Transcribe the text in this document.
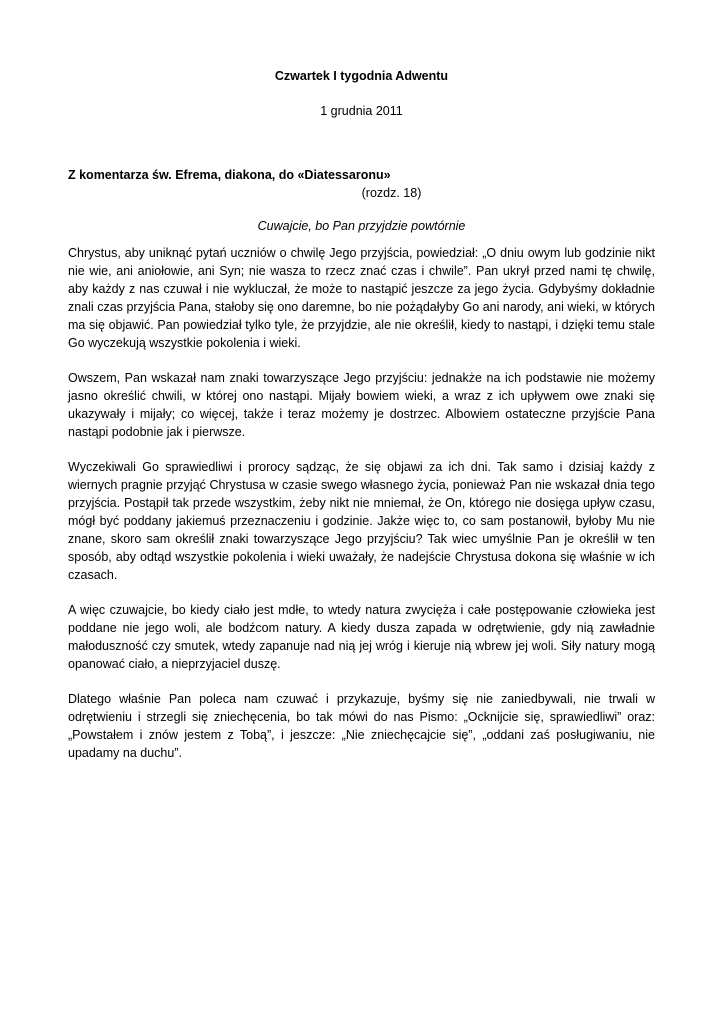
Czwartek I tygodnia Adwentu

1 grudnia 2011

Z komentarza św. Efrema, diakona, do «Diatessaronu»

(rozdz. 18)

Cuwajcie, bo Pan przyjdzie powtórnie

Chrystus, aby uniknąć pytań uczniów o chwilę Jego przyjścia, powiedział: „O dniu owym lub godzinie nikt nie wie, ani aniołowie, ani Syn; nie wasza to rzecz znać czas i chwile”. Pan ukrył przed nami tę chwilę, aby każdy z nas czuwał i nie wykluczał, że może to nastąpić jeszcze za jego życia. Gdybyśmy dokładnie znali czas przyjścia Pana, stałoby się ono daremne, bo nie pożądałyby Go ani narody, ani wieki, w których ma się objawić. Pan powiedział tylko tyle, że przyjdzie, ale nie określił, kiedy to nastąpi, i dzięki temu stale Go wyczekują wszystkie pokolenia i wieki.

Owszem, Pan wskazał nam znaki towarzyszące Jego przyjściu: jednakże na ich podstawie nie możemy jasno określić chwili, w której ono nastąpi. Mijały bowiem wieki, a wraz z ich upływem owe znaki się ukazywały i mijały; co więcej, także i teraz możemy je dostrzec. Albowiem ostateczne przyjście Pana nastąpi podobnie jak i pierwsze.

Wyczekiwali Go sprawiedliwi i prorocy sądząc, że się objawi za ich dni. Tak samo i dzisiaj każdy z wiernych pragnie przyjąć Chrystusa w czasie swego własnego życia, ponieważ Pan nie wskazał dnia tego przyjścia. Postąpił tak przede wszystkim, żeby nikt nie mniemał, że On, którego nie dosięga upływ czasu, mógł być poddany jakiemuś przeznaczeniu i godzinie. Jakże więc to, co sam postanowił, byłoby Mu nie znane, skoro sam określił znaki towarzyszące Jego przyjściu? Tak wiec umyślnie Pan je określił w ten sposób, aby odtąd wszystkie pokolenia i wieki uważały, że nadejście Chrystusa dokona się właśnie w ich czasach.

A więc czuwajcie, bo kiedy ciało jest mdłe, to wtedy natura zwycięża i całe postępowanie człowieka jest poddane nie jego woli, ale bodźcom natury. A kiedy dusza zapada w odrętwienie, gdy nią zawładnie małoduszność czy smutek, wtedy zapanuje nad nią jej wróg i kieruje nią wbrew jej woli. Siły natury mogą opanować ciało, a nieprzyjaciel duszę.

Dlatego właśnie Pan poleca nam czuwać i przykazuje, byśmy się nie zaniedbywali, nie trwali w odrętwieniu i strzegli się zniechęcenia, bo tak mówi do nas Pismo: „Ocknijcie się, sprawiedliwi” oraz: „Powstałem i znów jestem z Tobą”, i jeszcze: „Nie zniechęcajcie się”, „oddani zaś posługiwaniu, nie upadamy na duchu”.
